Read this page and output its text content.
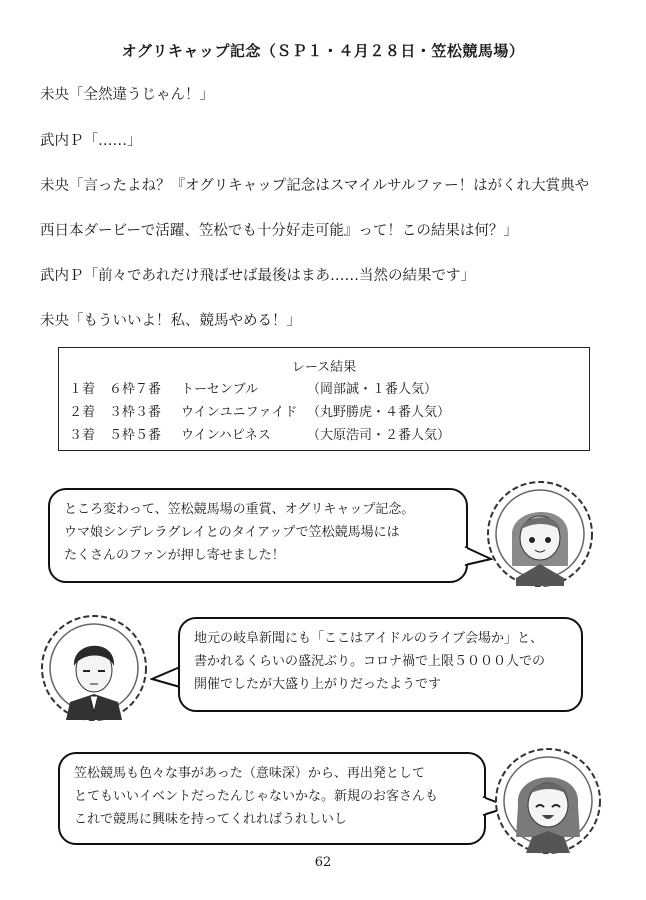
オグリキャップ記念（ＳＰ１・４月２８日・笠松競馬場）
未央「全然違うじゃん！」
武内Ｐ「……」
未央「言ったよね？『オグリキャップ記念はスマイルサルファー！はがくれ大賞典や
西日本ダービーで活躍、笠松でも十分好走可能』って！この結果は何？」
武内Ｐ「前々であれだけ飛ばせば最後はまあ……当然の結果です」
未央「もういいよ！私、競馬やめる！」
レース結果
１着 ６枠７番 トーセンブル	（岡部誠・１番人気）
２着 ３枠３番 ウインユニファイド （丸野勝虎・４番人気）
３着 ５枠５番 ウインハピネス	（大原浩司・２番人気）
ところ変わって、笠松競馬場の重賞、オグリキャップ記念。
ウマ娘シンデレラグレイとのタイアップで笠松競馬場には
たくさんのファンが押し寄せました！
地元の岐阜新聞にも「ここはアイドルのライブ会場か」と、
書かれるくらいの盛況ぶり。コロナ禍で上限５０００人での
開催でしたが大盛り上がりだったようです
笠松競馬も色々な事があった（意味深）から、再出発として
とてもいいイベントだったんじゃないかな。新規のお客さんも
これで競馬に興味を持ってくれればうれしいし
62
